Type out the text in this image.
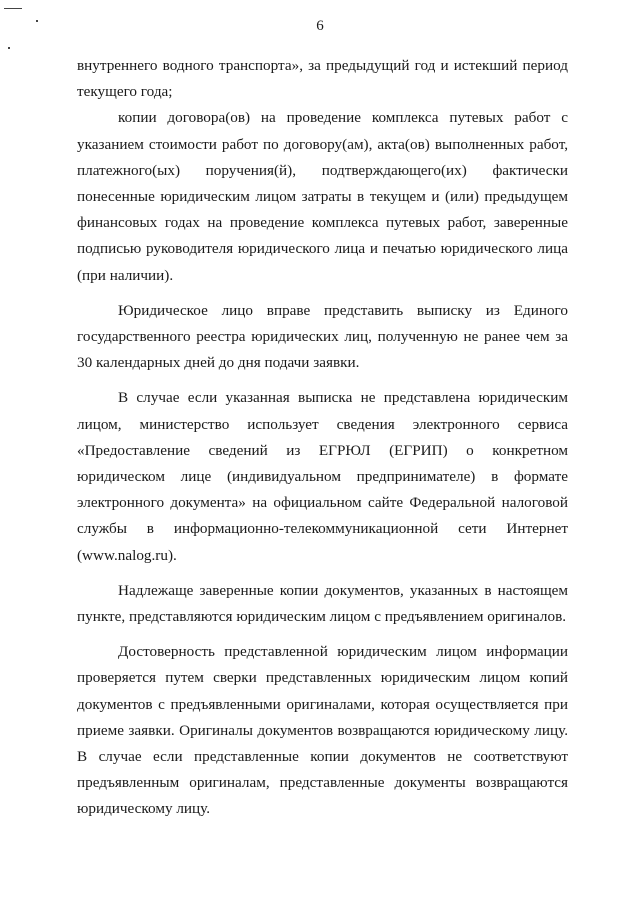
6

внутреннего водного транспорта», за предыдущий год и истекший период текущего года;

копии договора(ов) на проведение комплекса путевых работ с указанием стоимости работ по договору(ам), акта(ов) выполненных работ, платежного(ых) поручения(й), подтверждающего(их) фактически понесенные юридическим лицом затраты в текущем и (или) предыдущем финансовых годах на проведение комплекса путевых работ, заверенные подписью руководителя юридического лица и печатью юридического лица (при наличии).

Юридическое лицо вправе представить выписку из Единого государственного реестра юридических лиц, полученную не ранее чем за 30 календарных дней до дня подачи заявки.

В случае если указанная выписка не представлена юридическим лицом, министерство использует сведения электронного сервиса «Предоставление сведений из ЕГРЮЛ (ЕГРИП) о конкретном юридическом лице (индивидуальном предпринимателе) в формате электронного документа» на официальном сайте Федеральной налоговой службы в информационно-телекоммуникационной сети Интернет (www.nalog.ru).

Надлежаще заверенные копии документов, указанных в настоящем пункте, представляются юридическим лицом с предъявлением оригиналов.

Достоверность представленной юридическим лицом информации проверяется путем сверки представленных юридическим лицом копий документов с предъявленными оригиналами, которая осуществляется при приеме заявки. Оригиналы документов возвращаются юридическому лицу. В случае если представленные копии документов не соответствуют предъявленным оригиналам, представленные документы возвращаются юридическому лицу.
